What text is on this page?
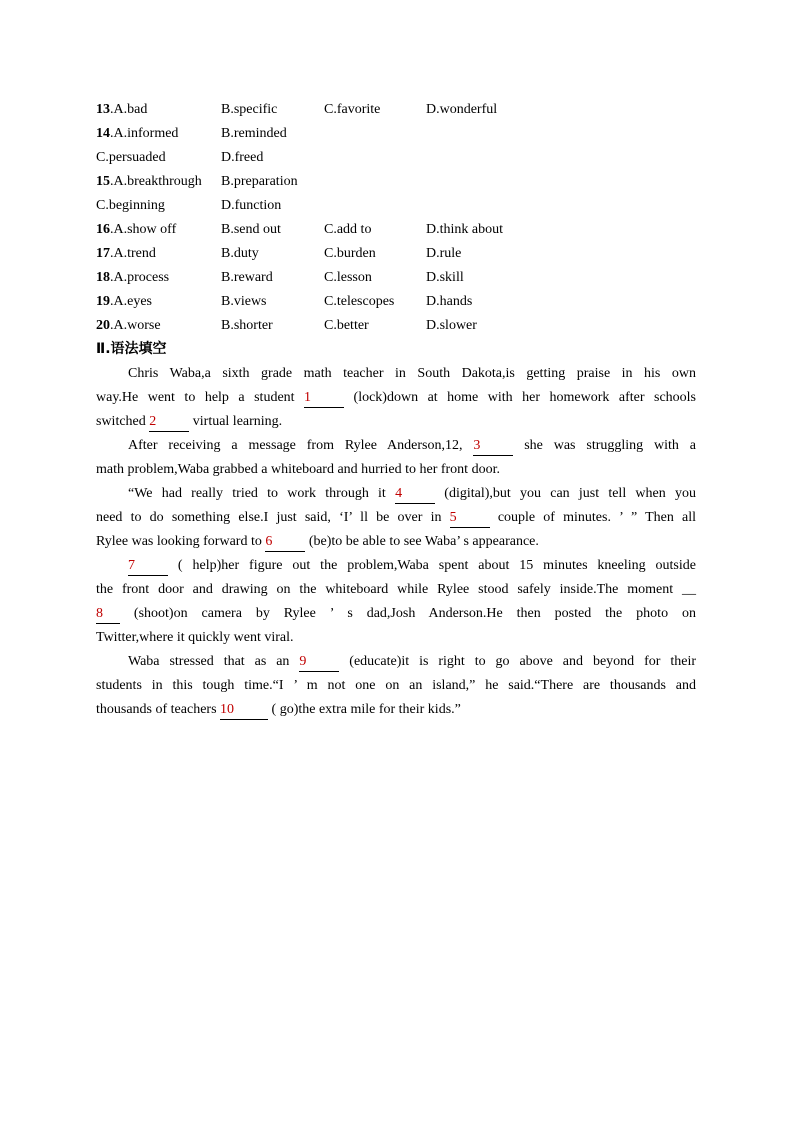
13.A.bad	B.specific	C.favorite	D.wonderful
14.A.informed	B.reminded		
C.persuaded	D.freed		
15.A.breakthrough	B.preparation		
C.beginning	D.function		
16.A.show off	B.send out	C.add to	D.think about
17.A.trend	B.duty	C.burden	D.rule
18.A.process	B.reward	C.lesson	D.skill
19.A.eyes	B.views	C.telescopes	D.hands
20.A.worse	B.shorter	C.better	D.slower
Ⅱ.语法填空
Chris Waba,a sixth grade math teacher in South Dakota,is getting praise in his own
way.He went to help a student 1 (lock)down at home with her homework after schools
switched 2 virtual learning.
After receiving a message from Rylee Anderson,12, 3 she was struggling with a
math problem,Waba grabbed a whiteboard and hurried to her front door.
“We had really tried to work through it 4 (digital),but you can just tell when you
need to do something else.I just said, ‘I’ ll be over in 5 couple of minutes. ’ ” Then all
Rylee was looking forward to 6 (be)to be able to see Waba’ s appearance.
7 ( help)her figure out the problem,Waba spent about 15 minutes kneeling outside
the front door and drawing on the whiteboard while Rylee stood safely inside.The moment __
8 (shoot)on camera by Rylee ’ s dad,Josh Anderson.He then posted the photo on
Twitter,where it quickly went viral.
Waba stressed that as an 9 (educate)it is right to go above and beyond for their
students in this tough time.“I ’ m not one on an island,” he said.“There are thousands and
thousands of teachers 10 ( go)the extra mile for their kids.”
